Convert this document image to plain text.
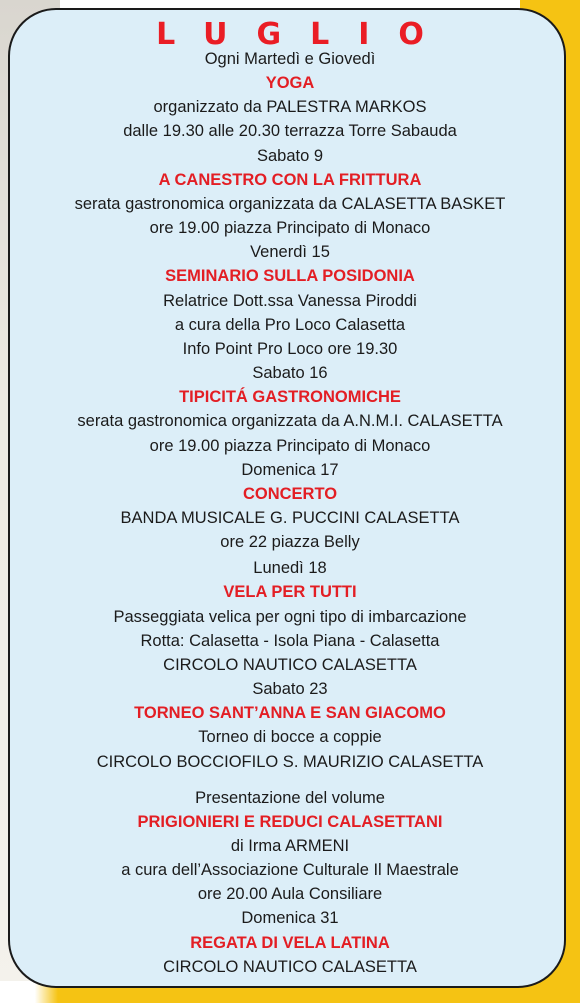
LUGLIO
Ogni Martedì e Giovedì
YOGA
organizzato da PALESTRA MARKOS
dalle 19.30 alle 20.30 terrazza Torre Sabauda
Sabato 9
A CANESTRO CON LA FRITTURA
serata gastronomica organizzata da CALASETTA BASKET
ore 19.00 piazza Principato di Monaco
Venerdì 15
SEMINARIO SULLA POSIDONIA
Relatrice Dott.ssa Vanessa Piroddi
a cura della Pro Loco Calasetta
Info Point Pro Loco ore 19.30
Sabato 16
TIPICITÁ GASTRONOMICHE
serata gastronomica organizzata da A.N.M.I. CALASETTA
ore 19.00 piazza Principato di Monaco
Domenica 17
CONCERTO
BANDA MUSICALE G. PUCCINI CALASETTA
ore 22 piazza Belly
Lunedì 18
VELA PER TUTTI
Passeggiata velica per ogni tipo di imbarcazione
Rotta: Calasetta - Isola Piana - Calasetta
CIRCOLO NAUTICO CALASETTA
Sabato 23
TORNEO SANT’ANNA E SAN GIACOMO
Torneo di bocce a coppie
CIRCOLO BOCCIOFILO S. MAURIZIO CALASETTA
Presentazione del volume
PRIGIONIERI E REDUCI CALASETTANI
di Irma ARMENI
a cura dell’Associazione Culturale Il Maestrale
ore 20.00 Aula Consiliare
Domenica 31
REGATA DI VELA LATINA
CIRCOLO NAUTICO CALASETTA
